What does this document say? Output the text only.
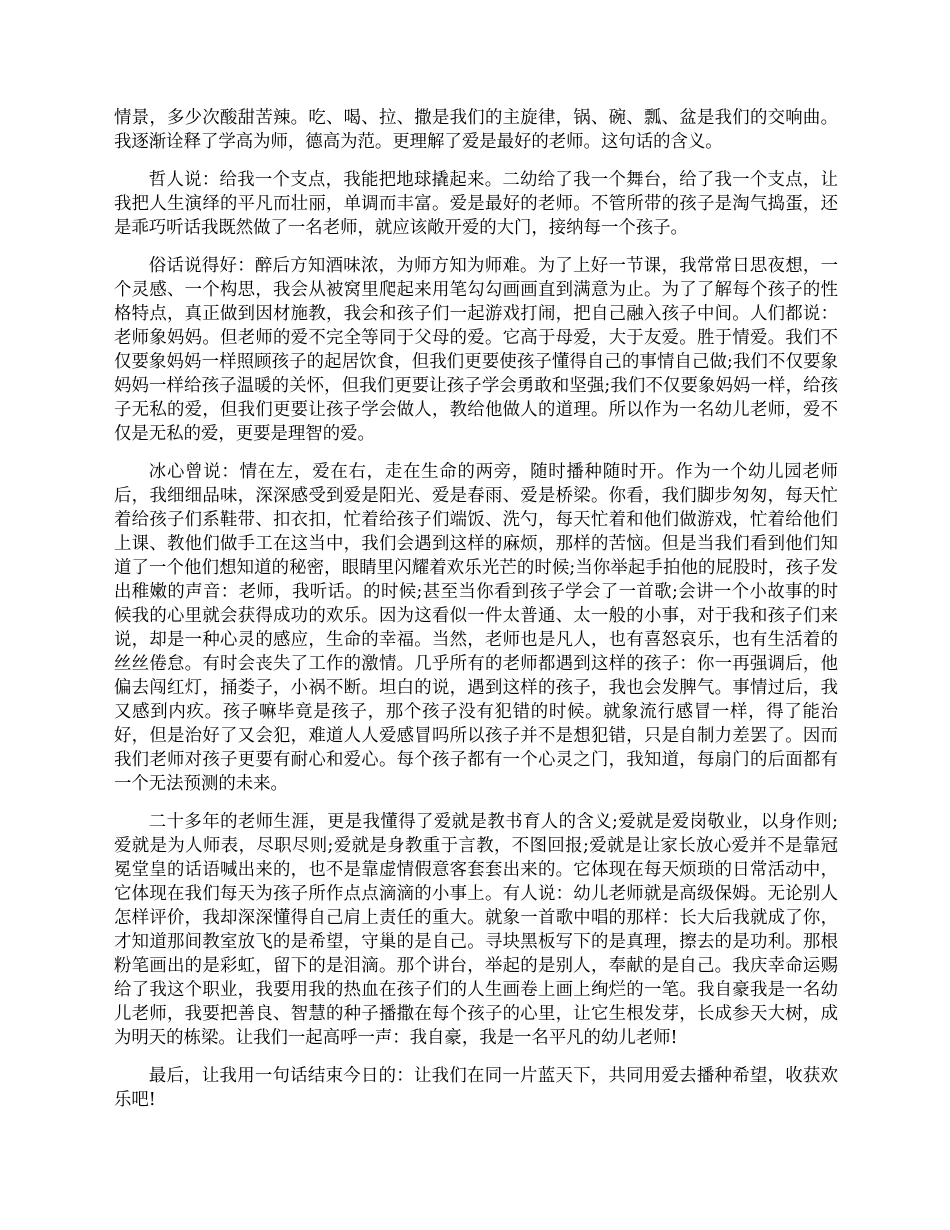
情景，多少次酸甜苦辣。吃、喝、拉、撒是我们的主旋律，锅、碗、瓢、盆是我们的交响曲。我逐渐诠释了学高为师，德高为范。更理解了爱是最好的老师。这句话的含义。

哲人说：给我一个支点，我能把地球撬起来。二幼给了我一个舞台，给了我一个支点，让我把人生演绎的平凡而壮丽，单调而丰富。爱是最好的老师。不管所带的孩子是淘气捣蛋，还是乖巧听话我既然做了一名老师，就应该敞开爱的大门，接纳每一个孩子。

俗话说得好：醉后方知酒味浓，为师方知为师难。为了上好一节课，我常常日思夜想，一个灵感、一个构思，我会从被窝里爬起来用笔勾勾画画直到满意为止。为了了解每个孩子的性格特点，真正做到因材施教，我会和孩子们一起游戏打闹，把自己融入孩子中间。人们都说：老师象妈妈。但老师的爱不完全等同于父母的爱。它高于母爱，大于友爱。胜于情爱。我们不仅要象妈妈一样照顾孩子的起居饮食，但我们更要使孩子懂得自己的事情自己做;我们不仅要象妈妈一样给孩子温暖的关怀，但我们更要让孩子学会勇敢和坚强;我们不仅要象妈妈一样，给孩子无私的爱，但我们更要让孩子学会做人，教给他做人的道理。所以作为一名幼儿老师，爱不仅是无私的爱，更要是理智的爱。

冰心曾说：情在左，爱在右，走在生命的两旁，随时播种随时开。作为一个幼儿园老师后，我细细品味，深深感受到爱是阳光、爱是春雨、爱是桥梁。你看，我们脚步匆匆，每天忙着给孩子们系鞋带、扣衣扣，忙着给孩子们端饭、洗勺，每天忙着和他们做游戏，忙着给他们上课、教他们做手工在这当中，我们会遇到这样的麻烦，那样的苦恼。但是当我们看到他们知道了一个他们想知道的秘密，眼睛里闪耀着欢乐光芒的时候;当你举起手拍他的屁股时，孩子发出稚嫩的声音：老师，我听话。的时候;甚至当你看到孩子学会了一首歌;会讲一个小故事的时候我的心里就会获得成功的欢乐。因为这看似一件太普通、太一般的小事，对于我和孩子们来说，却是一种心灵的感应，生命的幸福。当然，老师也是凡人，也有喜怒哀乐，也有生活着的丝丝倦怠。有时会丧失了工作的激情。几乎所有的老师都遇到这样的孩子：你一再强调后，他偏去闯红灯，捅娄子，小祸不断。坦白的说，遇到这样的孩子，我也会发脾气。事情过后，我又感到内疚。孩子嘛毕竟是孩子，那个孩子没有犯错的时候。就象流行感冒一样，得了能治好，但是治好了又会犯，难道人人爱感冒吗所以孩子并不是想犯错，只是自制力差罢了。因而我们老师对孩子更要有耐心和爱心。每个孩子都有一个心灵之门，我知道，每扇门的后面都有一个无法预测的未来。

二十多年的老师生涯，更是我懂得了爱就是教书育人的含义;爱就是爱岗敬业，以身作则;爱就是为人师表，尽职尽则;爱就是身教重于言教，不图回报;爱就是让家长放心爱并不是靠冠冕堂皇的话语喊出来的，也不是靠虚情假意客套套出来的。它体现在每天烦琐的日常活动中，它体现在我们每天为孩子所作点点滴滴的小事上。有人说：幼儿老师就是高级保姆。无论别人怎样评价，我却深深懂得自己肩上责任的重大。就象一首歌中唱的那样：长大后我就成了你，才知道那间教室放飞的是希望，守巢的是自己。寻块黑板写下的是真理，擦去的是功利。那根粉笔画出的是彩虹，留下的是泪滴。那个讲台，举起的是别人，奉献的是自己。我庆幸命运赐给了我这个职业，我要用我的热血在孩子们的人生画卷上画上绚烂的一笔。我自豪我是一名幼儿老师，我要把善良、智慧的种子播撒在每个孩子的心里，让它生根发芽，长成参天大树，成为明天的栋梁。让我们一起高呼一声：我自豪，我是一名平凡的幼儿老师!

最后，让我用一句话结束今日的：让我们在同一片蓝天下，共同用爱去播种希望，收获欢乐吧!
